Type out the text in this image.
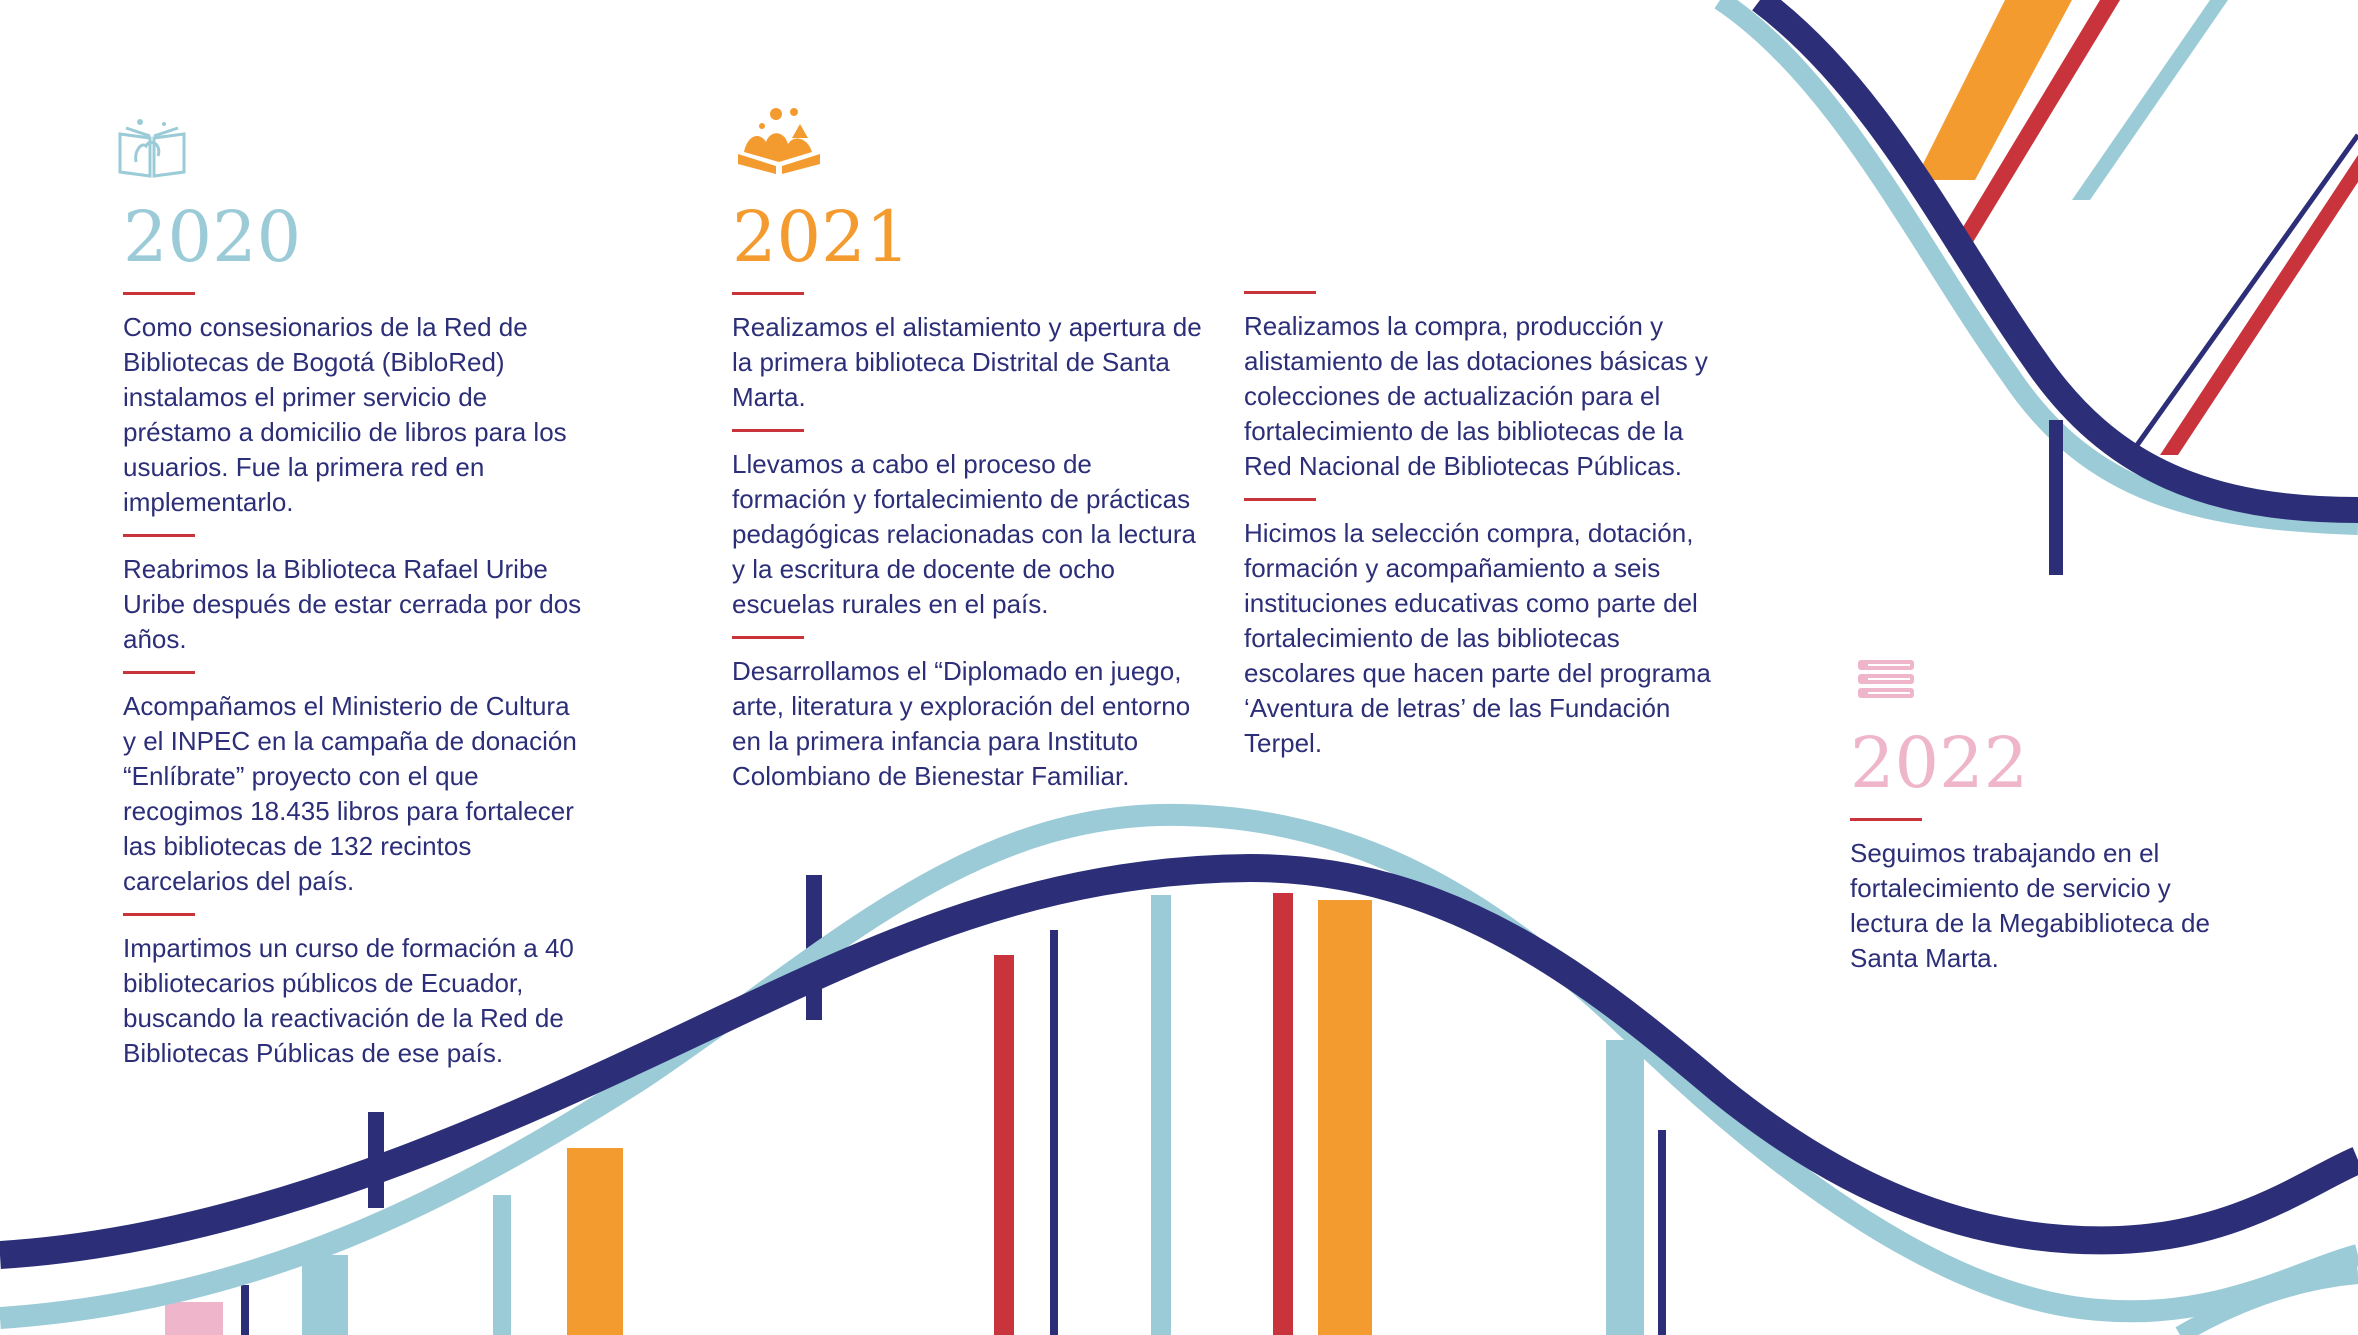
2020

Como consesionarios de la Red de Bibliotecas de Bogotá (BibloRed) instalamos el primer servicio de préstamo a domicilio de libros para los usuarios. Fue la primera red en implementarlo.

Reabrimos la Biblioteca Rafael Uribe Uribe después de estar cerrada por dos años.

Acompañamos el Ministerio de Cultura y el INPEC en la campaña de donación “Enlíbrate” proyecto con el que recogimos 18.435 libros para fortalecer las bibliotecas de 132 recintos carcelarios del país.

Impartimos un curso de formación a 40 bibliotecarios públicos de Ecuador, buscando la reactivación de la Red de Bibliotecas Públicas de ese país.

2021

Realizamos el alistamiento y apertura de la primera biblioteca Distrital de Santa Marta.

Llevamos a cabo el proceso de formación y fortalecimiento de prácticas pedagógicas relacionadas con la lectura y la escritura de docente de ocho escuelas rurales en el país.

Desarrollamos el “Diplomado en juego, arte, literatura y exploración del entorno en la primera infancia para Instituto Colombiano de Bienestar Familiar.

Realizamos la compra, producción y alistamiento de las dotaciones básicas y colecciones de actualización para el fortalecimiento de las bibliotecas de la Red Nacional de Bibliotecas Públicas.

Hicimos la selección compra, dotación, formación y acompañamiento a seis instituciones educativas como parte del fortalecimiento de las bibliotecas escolares que hacen parte del programa ‘Aventura de letras’ de las Fundación Terpel.	2022

Seguimos trabajando en el fortalecimiento de servicio y lectura de la Megabiblioteca de Santa Marta.
